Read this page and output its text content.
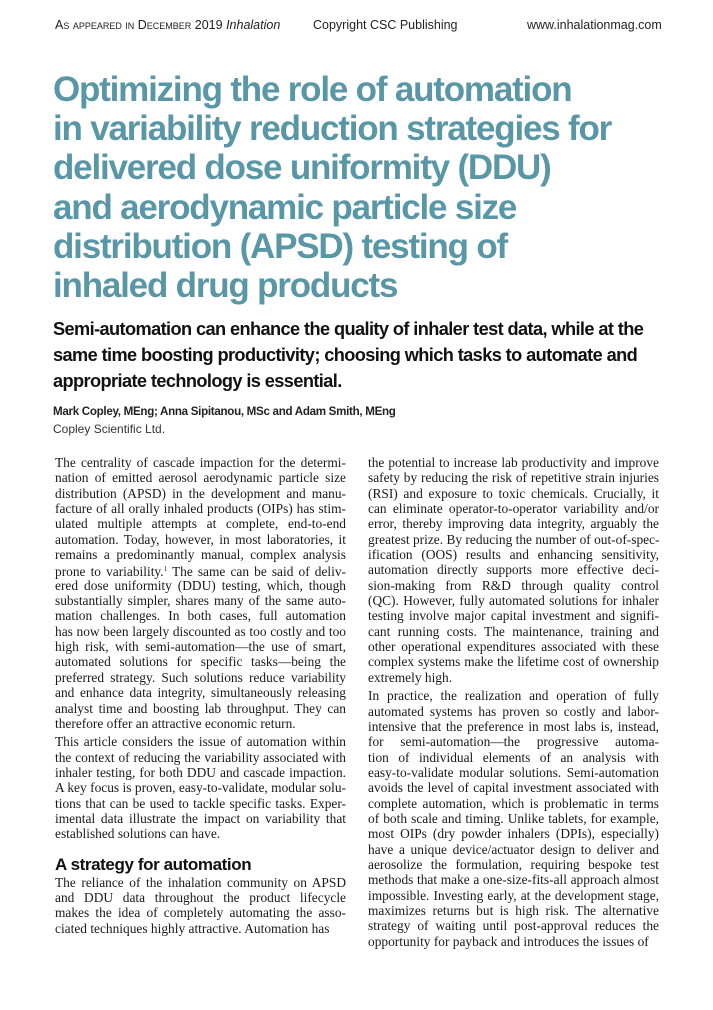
As appeared in December 2019 Inhalation	Copyright CSC Publishing	www.inhalationmag.com
Optimizing the role of automation
in variability reduction strategies for
delivered dose uniformity (DDU)
and aerodynamic particle size
distribution (APSD) testing of
inhaled drug products
Semi-automation can enhance the quality of inhaler test data, while at the
same time boosting productivity; choosing which tasks to automate and
appropriate technology is essential.
Mark Copley, MEng; Anna Sipitanou, MSc and Adam Smith, MEng
Copley Scientific Ltd.
The centrality of cascade impaction for the determi-
nation of emitted aerosol aerodynamic particle size
distribution (APSD) in the development and manu-
facture of all orally inhaled products (OIPs) has stim-
ulated multiple attempts at complete, end-to-end
automation. Today, however, in most laboratories, it
remains a predominantly manual, complex analysis
prone to variability.$^1$ The same can be said of deliv-
ered dose uniformity (DDU) testing, which, though
substantially simpler, shares many of the same auto-
mation challenges. In both cases, full automation
has now been largely discounted as too costly and too
high risk, with semi-automation—the use of smart,
automated solutions for specific tasks—being the
preferred strategy. Such solutions reduce variability
and enhance data integrity, simultaneously releasing
analyst time and boosting lab throughput. They can
therefore offer an attractive economic return.
This article considers the issue of automation within
the context of reducing the variability associated with
inhaler testing, for both DDU and cascade impaction.
A key focus is proven, easy-to-validate, modular solu-
tions that can be used to tackle specific tasks. Exper-
imental data illustrate the impact on variability that
established solutions can have.
A strategy for automation
The reliance of the inhalation community on APSD
and DDU data throughout the product lifecycle
makes the idea of completely automating the asso-
ciated techniques highly attractive. Automation has
the potential to increase lab productivity and improve
safety by reducing the risk of repetitive strain injuries
(RSI) and exposure to toxic chemicals. Crucially, it
can eliminate operator-to-operator variability and/or
error, thereby improving data integrity, arguably the
greatest prize. By reducing the number of out-of-spec-
ification (OOS) results and enhancing sensitivity,
automation directly supports more effective deci-
sion-making from R&D through quality control
(QC). However, fully automated solutions for inhaler
testing involve major capital investment and signifi-
cant running costs. The maintenance, training and
other operational expenditures associated with these
complex systems make the lifetime cost of ownership
extremely high.
In practice, the realization and operation of fully
automated systems has proven so costly and labor-
intensive that the preference in most labs is, instead,
for semi-automation—the progressive automa-
tion of individual elements of an analysis with
easy-to-validate modular solutions. Semi-automation
avoids the level of capital investment associated with
complete automation, which is problematic in terms
of both scale and timing. Unlike tablets, for example,
most OIPs (dry powder inhalers (DPIs), especially)
have a unique device/actuator design to deliver and
aerosolize the formulation, requiring bespoke test
methods that make a one-size-fits-all approach almost
impossible. Investing early, at the development stage,
maximizes returns but is high risk. The alternative
strategy of waiting until post-approval reduces the
opportunity for payback and introduces the issues of
